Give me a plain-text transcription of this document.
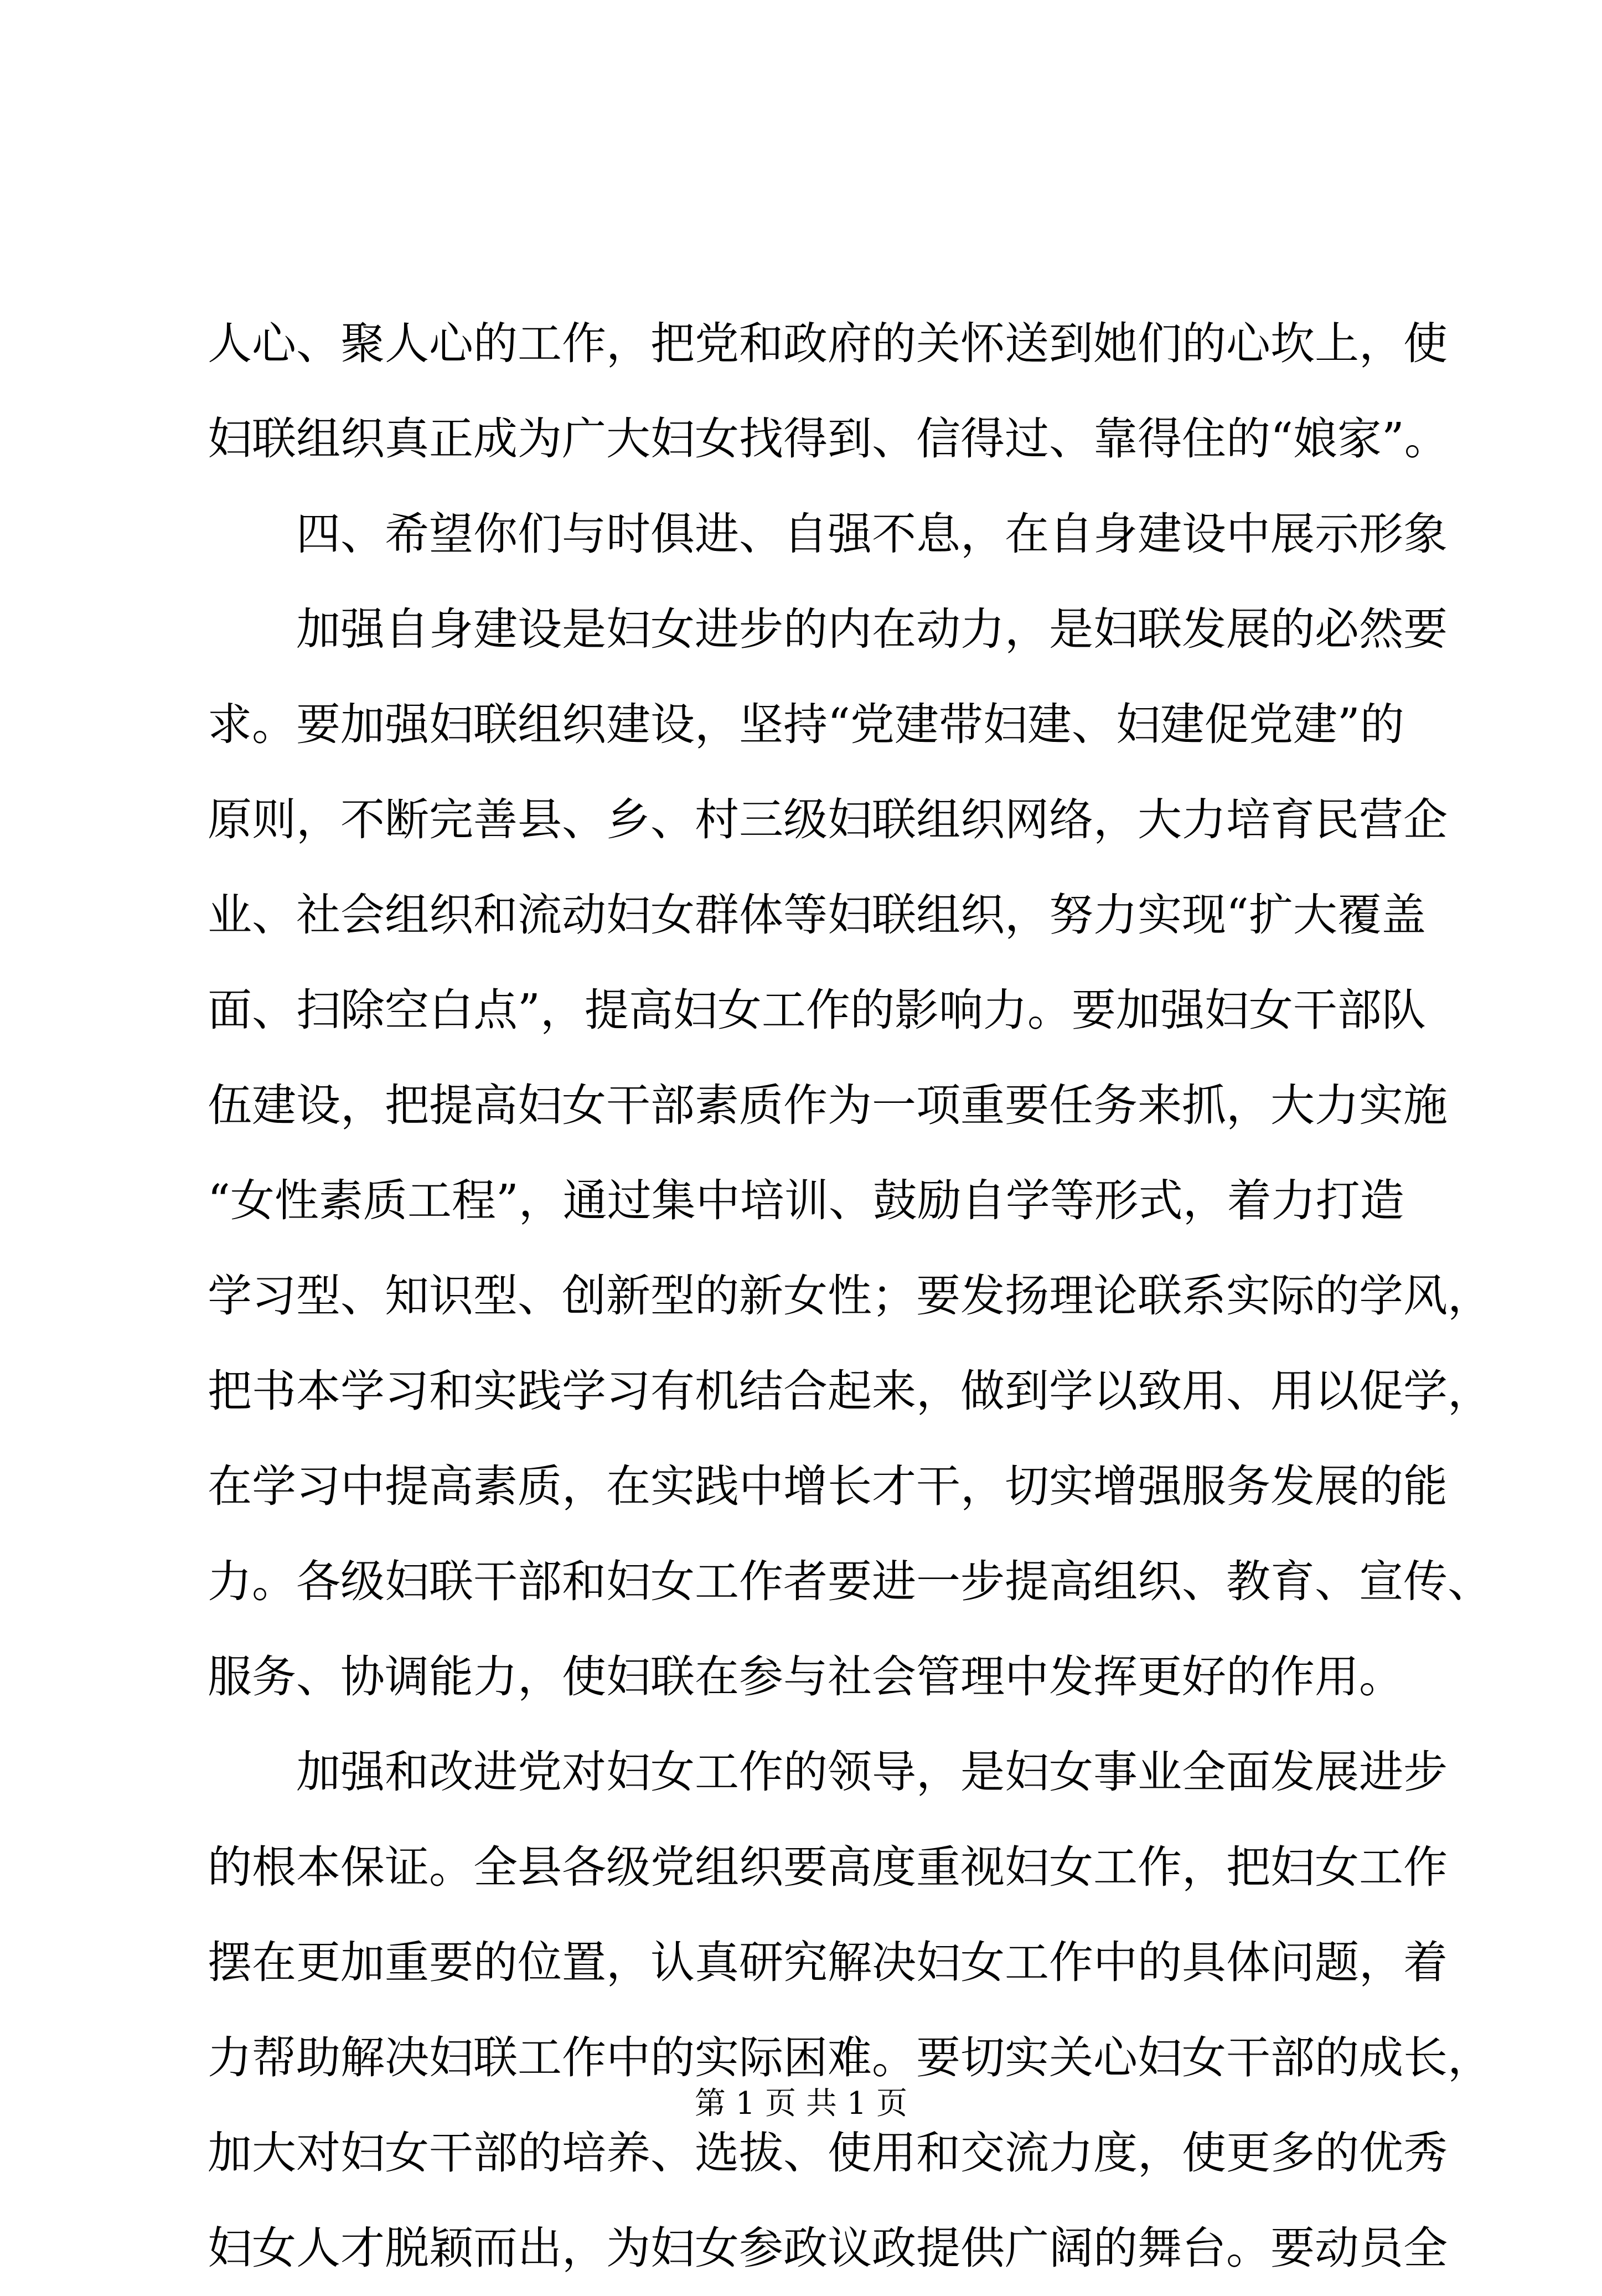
人心、聚人心的工作，把党和政府的关怀送到她们的心坎上，使
妇联组织真正成为广大妇女找得到、信得过、靠得住的“娘家”。
四、希望你们与时俱进、自强不息，在自身建设中展示形象
加强自身建设是妇女进步的内在动力，是妇联发展的必然要
求。要加强妇联组织建设，坚持“党建带妇建、妇建促党建”的
原则，不断完善县、乡、村三级妇联组织网络，大力培育民营企
业、社会组织和流动妇女群体等妇联组织，努力实现“扩大覆盖
面、扫除空白点”，提高妇女工作的影响力。要加强妇女干部队
伍建设，把提高妇女干部素质作为一项重要任务来抓，大力实施
“女性素质工程”，通过集中培训、鼓励自学等形式，着力打造
学习型、知识型、创新型的新女性；要发扬理论联系实际的学风，
把书本学习和实践学习有机结合起来，做到学以致用、用以促学，
在学习中提高素质，在实践中增长才干，切实增强服务发展的能
力。各级妇联干部和妇女工作者要进一步提高组织、教育、宣传、
服务、协调能力，使妇联在参与社会管理中发挥更好的作用。
加强和改进党对妇女工作的领导，是妇女事业全面发展进步
的根本保证。全县各级党组织要高度重视妇女工作，把妇女工作
摆在更加重要的位置，认真研究解决妇女工作中的具体问题，着
力帮助解决妇联工作中的实际困难。要切实关心妇女干部的成长，
加大对妇女干部的培养、选拔、使用和交流力度，使更多的优秀
妇女人才脱颖而出，为妇女参政议政提供广阔的舞台。要动员全
第 1 页 共 1 页
